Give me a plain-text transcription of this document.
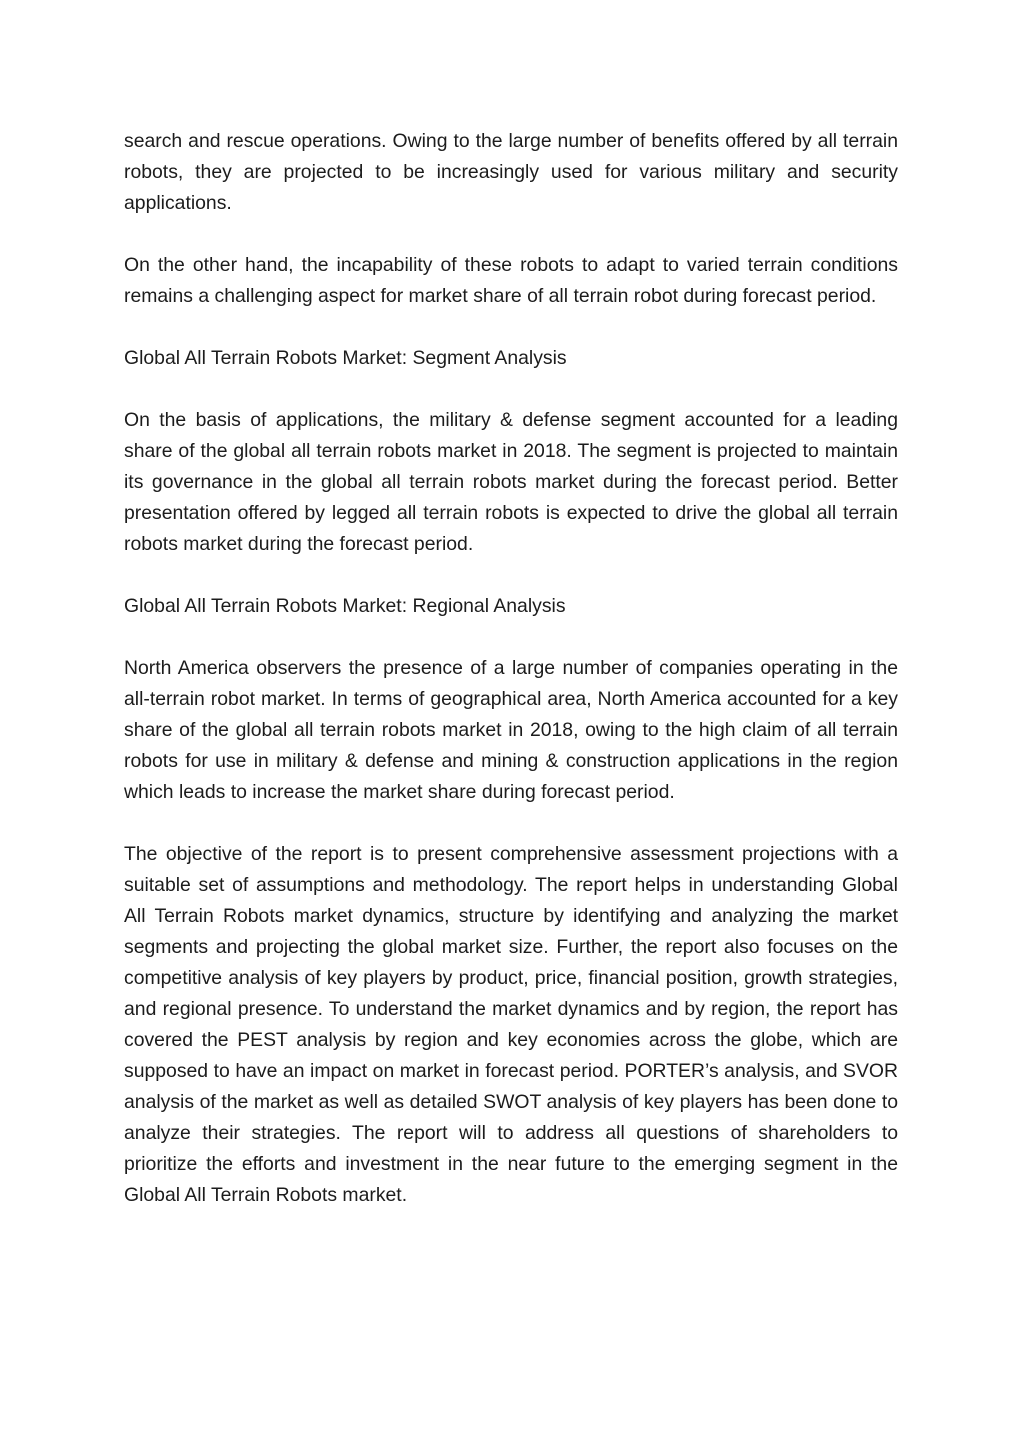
search and rescue operations. Owing to the large number of benefits offered by all terrain robots, they are projected to be increasingly used for various military and security applications.

On the other hand, the incapability of these robots to adapt to varied terrain conditions remains a challenging aspect for market share of all terrain robot during forecast period.

Global All Terrain Robots Market: Segment Analysis

On the basis of applications, the military & defense segment accounted for a leading share of the global all terrain robots market in 2018. The segment is projected to maintain its governance in the global all terrain robots market during the forecast period. Better presentation offered by legged all terrain robots is expected to drive the global all terrain robots market during the forecast period.

Global All Terrain Robots Market: Regional Analysis

North America observers the presence of a large number of companies operating in the all-terrain robot market. In terms of geographical area, North America accounted for a key share of the global all terrain robots market in 2018, owing to the high claim of all terrain robots for use in military & defense and mining & construction applications in the region which leads to increase the market share during forecast period.

The objective of the report is to present comprehensive assessment projections with a suitable set of assumptions and methodology. The report helps in understanding Global All Terrain Robots market dynamics, structure by identifying and analyzing the market segments and projecting the global market size. Further, the report also focuses on the competitive analysis of key players by product, price, financial position, growth strategies, and regional presence. To understand the market dynamics and by region, the report has covered the PEST analysis by region and key economies across the globe, which are supposed to have an impact on market in forecast period. PORTER’s analysis, and SVOR analysis of the market as well as detailed SWOT analysis of key players has been done to analyze their strategies. The report will to address all questions of shareholders to prioritize the efforts and investment in the near future to the emerging segment in the Global All Terrain Robots market.
